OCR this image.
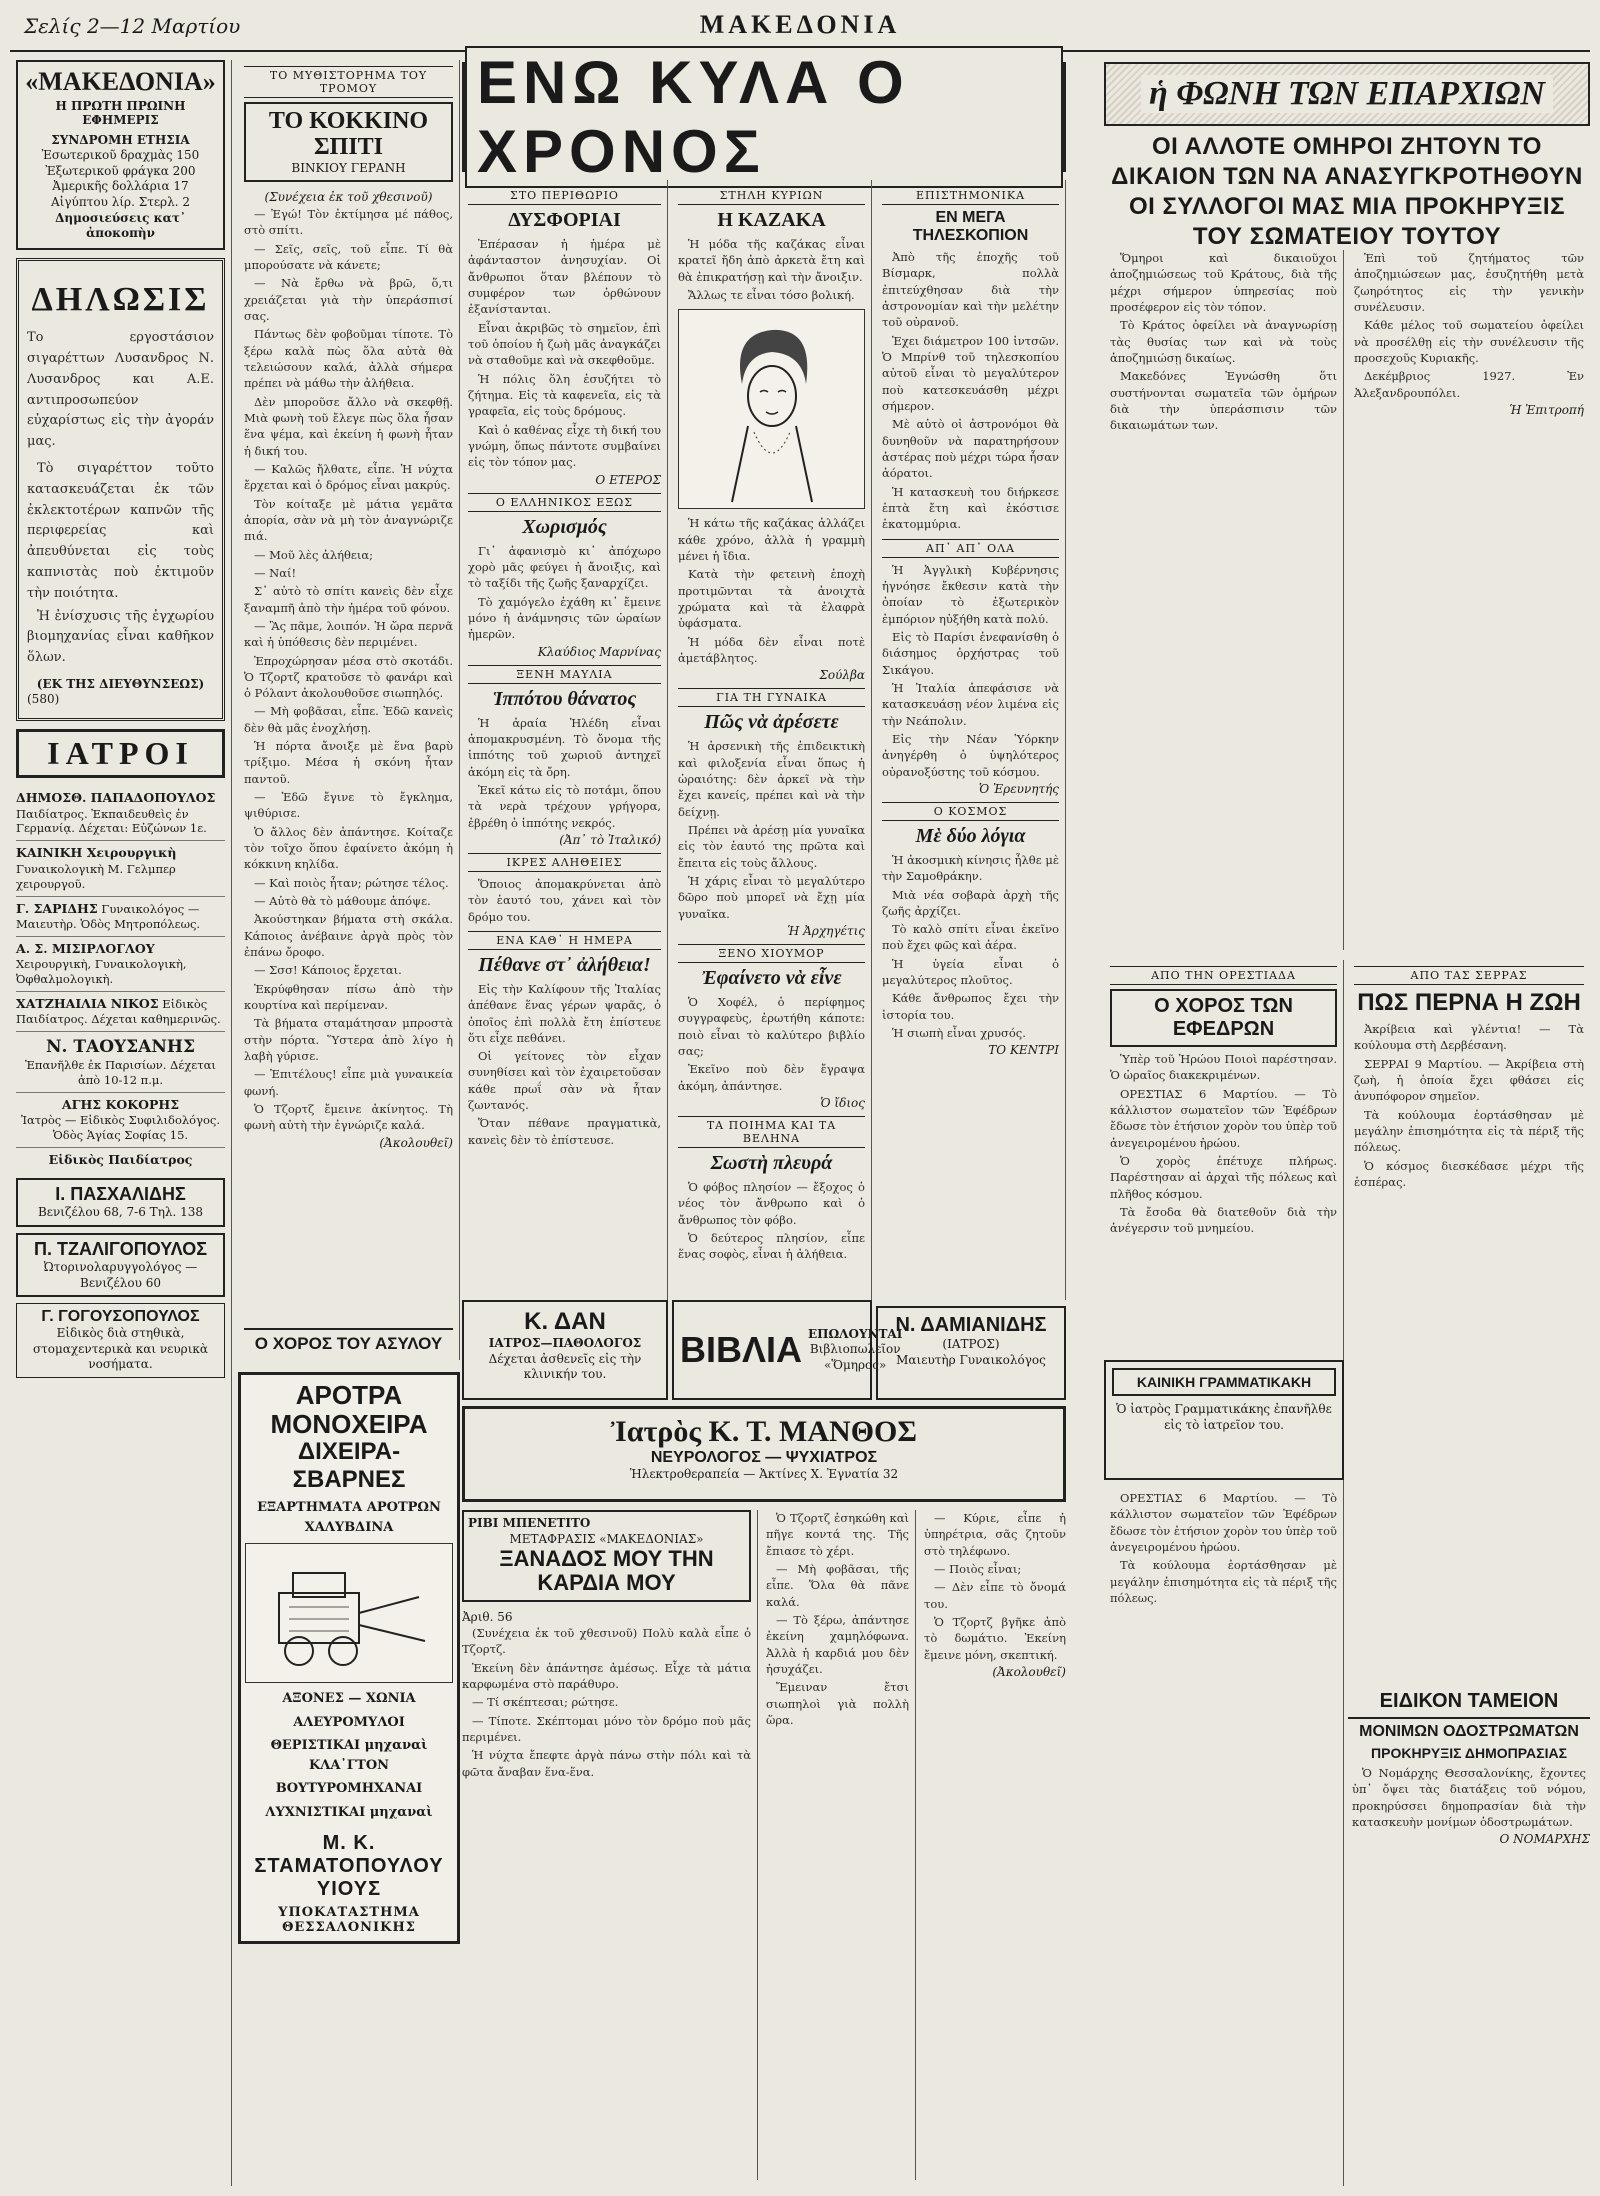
Σελίς 2—12 Μαρτίου	ΜΑΚΕΔΟΝΙΑ
«ΜΑΚΕΔΟΝΙΑ»
Η ΠΡΩΤΗ ΠΡΩΙΝΗ ΕΦΗΜΕΡΙΣ
ΣΥΝΔΡΟΜΗ ΕΤΗΣΙΑ
Ἐσωτερικοῦ δραχμὰς 150
Ἐξωτερικοῦ φράγκα 200
Ἀμερικῆς δολλάρια 17
Αἰγύπτου λίρ. Στερλ. 2
Δημοσιεύσεις κατ᾽ ἀποκοπὴν
ΔΗΛΩΣΙΣ
Το εργοστάσιον σιγαρέττων Λυσανδρος Ν. Λυσανδρος και Α.Ε. αντιπροσωπεύον εὐχαρίστως εἰς τὴν ἀγοράν μας.

Τὸ σιγαρέττον τοῦτο κατασκευάζεται ἐκ τῶν ἐκλεκτοτέρων καπνῶν τῆς περιφερείας καὶ ἀπευθύνεται εἰς τοὺς καπνιστὰς ποὺ ἐκτιμοῦν τὴν ποιότητα.

Ἡ ἐνίσχυσις τῆς ἐγχωρίου βιομηχανίας εἶναι καθῆκον ὅλων.

(ΕΚ ΤΗΣ ΔΙΕΥΘΥΝΣΕΩΣ)
(580)
ΙΑΤΡΟΙ
ΔΗΜΟΣΘ. ΠΑΠΑΔΟΠΟΥΛΟΣ Παιδίατρος. Ἐκπαιδευθεὶς ἐν Γερμανίᾳ. Δέχεται: Εὐζώνων 1ε.
ΚΑΙΝΙΚΗ Χειρουργικὴ Γυναικολογικὴ Μ. Γελμπερ χειρουργοῦ.
Γ. ΣΑΡΙΔΗΣ Γυναικολόγος — Μαιευτὴρ. Ὁδὸς Μητροπόλεως.
Α. Σ. ΜΙΣΙΡΛΟΓΛΟΥ Χειρουργικὴ, Γυναικολογικὴ, Ὀφθαλμολογικὴ.
ΧΑΤΖΗΑΙΛΙΑ ΝΙΚΟΣ Εἰδικὸς Παιδίατρος. Δέχεται καθημερινῶς.
Ν. ΤΑΟΥΣΑΝΗΣ
Ἐπανῆλθε ἐκ Παρισίων. Δέχεται ἀπὸ 10-12 π.μ.
ΑΓΗΣ ΚΟΚΟΡΗΣ
Ἰατρὸς — Εἰδικὸς Συφιλιδολόγος. Ὁδὸς Ἁγίας Σοφίας 15.
Εἰδικὸς Παιδίατρος
Ι. ΠΑΣΧΑΛΙΔΗΣ
Βενιζέλου 68, 7-6 Τηλ. 138
Π. ΤΖΑΛΙΓΟΠΟΥΛΟΣ
Ὠτορινολαρυγγολόγος — Βενιζέλου 60
Γ. ΓΟΓΟΥΣΟΠΟΥΛΟΣ
Εἰδικὸς διὰ στηθικὰ, στομαχεντερικὰ και νευρικὰ νοσήματα.
ΤΟ ΜΥΘΙΣΤΟΡΗΜΑ ΤΟΥ ΤΡΟΜΟΥ
ΤΟ ΚΟΚΚΙΝΟ ΣΠΙΤΙ
ΒΙΝΚΙΟΥ ΓΕΡΑΝΗ
(Συνέχεια ἐκ τοῦ χθεσινοῦ)

— Ἐγώ! Τὸν ἐκτίμησα μέ πάθος, στὸ σπίτι.

— Σεῖς, σεῖς, τοῦ εἶπε. Τί θὰ μπορούσατε νὰ κάνετε;

— Νὰ ἔρθω νὰ βρῶ, ὅ,τι χρειάζεται γιὰ τὴν ὑπεράσπισί σας.

Πάντως δὲν φοβοῦμαι τίποτε. Τὸ ξέρω καλὰ πὼς ὅλα αὐτὰ θὰ τελειώσουν καλά, ἀλλὰ σήμερα πρέπει νὰ μάθω τὴν ἀλήθεια.

Δὲν μποροῦσε ἄλλο νὰ σκεφθῇ. Μιὰ φωνὴ τοῦ ἔλεγε πὼς ὅλα ἦσαν ἕνα ψέμα, καὶ ἐκείνη ἡ φωνὴ ἦταν ἡ δική του.

— Καλῶς ἤλθατε, εἶπε. Ἡ νύχτα ἔρχεται καὶ ὁ δρόμος εἶναι μακρύς.

Τὸν κοίταξε μὲ μάτια γεμᾶτα ἀπορία, σὰν νὰ μὴ τὸν ἀναγνώριζε πιά.

— Μοῦ λὲς ἀλήθεια;

— Ναί!

Σ᾽ αὐτὸ τὸ σπίτι κανεὶς δὲν εἶχε ξαναμπῆ ἀπὸ τὴν ἡμέρα τοῦ φόνου.

— Ἂς πᾶμε, λοιπόν. Ἡ ὥρα περνᾶ καὶ ἡ ὑπόθεσις δὲν περιμένει.

Ἐπροχώρησαν μέσα στὸ σκοτάδι. Ὁ Τζορτζ κρατοῦσε τὸ φανάρι καὶ ὁ Ρόλαντ ἀκολουθοῦσε σιωπηλός.

— Μὴ φοβᾶσαι, εἶπε. Ἐδῶ κανεὶς δὲν θὰ μᾶς ἐνοχλήσῃ.

Ἡ πόρτα ἄνοιξε μὲ ἕνα βαρὺ τρίξιμο. Μέσα ἡ σκόνη ἦταν παντοῦ.

— Ἐδῶ ἔγινε τὸ ἔγκλημα, ψιθύρισε.

Ὁ ἄλλος δὲν ἀπάντησε. Κοίταζε τὸν τοῖχο ὅπου ἐφαίνετο ἀκόμη ἡ κόκκινη κηλίδα.

— Καὶ ποιὸς ἦταν; ρώτησε τέλος.

— Αὐτὸ θὰ τὸ μάθουμε ἀπόψε.

Ἀκούστηκαν βήματα στὴ σκάλα. Κάποιος ἀνέβαινε ἀργὰ πρὸς τὸν ἐπάνω ὄροφο.

— Σσσ! Κάποιος ἔρχεται.

Ἐκρύφθησαν πίσω ἀπὸ τὴν κουρτίνα καὶ περίμεναν.

Τὰ βήματα σταμάτησαν μπροστὰ στὴν πόρτα. Ὕστερα ἀπὸ λίγο ἡ λαβὴ γύρισε.

— Ἐπιτέλους! εἶπε μιὰ γυναικεία φωνή.

Ὁ Τζορτζ ἔμεινε ἀκίνητος. Τὴ φωνὴ αὐτὴ τὴν ἐγνώριζε καλά.

(Ἀκολουθεῖ)
Ο ΧΟΡΟΣ ΤΟΥ ΑΣΥΛΟΥ
ΑΡΟΤΡΑ ΜΟΝΟΧΕΙΡΑ
ΔΙΧΕΙΡΑ-ΣΒΑΡΝΕΣ
ΕΞΑΡΤΗΜΑΤΑ ΑΡΟΤΡΩΝ ΧΑΛΥΒΔΙΝΑ
ΑΞΟΝΕΣ — ΧΩΝΙΑ
ΑΛΕΥΡΟΜΥΛΟΙ
ΘΕΡΙΣΤΙΚΑΙ μηχαναὶ ΚΛΑ᾽ΓΤΟΝ
ΒΟΥΤΥΡΟΜΗΧΑΝΑΙ
ΛΥΧΝΙΣΤΙΚΑΙ μηχαναὶ
Μ. Κ. ΣΤΑΜΑΤΟΠΟΥΛΟΥ ΥΙΟΥΣ
ΥΠΟΚΑΤΑΣΤΗΜΑ ΘΕΣΣΑΛΟΝΙΚΗΣ
ΕΝΩ ΚΥΛΑ Ο ΧΡΟΝΟΣ
ΣΤΟ ΠΕΡΙΘΩΡΙΟ
ΔΥΣΦΟΡΙΑΙ

Ἐπέρασαν ἡ ἡμέρα μὲ ἀφάνταστον ἀνησυχίαν. Οἱ ἄνθρωποι ὅταν βλέπουν τὸ συμφέρον των ὀρθώνουν ἐξανίστανται.

Εἶναι ἀκριβῶς τὸ σημεῖον, ἐπὶ τοῦ ὁποίου ἡ ζωὴ μᾶς ἀναγκάζει νὰ σταθοῦμε καὶ νὰ σκεφθοῦμε.

Ἡ πόλις ὅλη ἐσυζήτει τὸ ζήτημα. Εἰς τὰ καφενεῖα, εἰς τὰ γραφεῖα, εἰς τοὺς δρόμους.

Καὶ ὁ καθένας εἶχε τὴ δική του γνώμη, ὅπως πάντοτε συμβαίνει εἰς τὸν τόπον μας.

Ο ΕΤΕΡΟΣ
Ο ΕΛΛΗΝΙΚΟΣ ΕΞΩΣ
Χωρισμός

Γι᾽ ἀφανισμὸ κι᾽ ἀπόχωρο χορὸ μᾶς φεύγει ἡ ἄνοιξις, καὶ τὸ ταξίδι τῆς ζωῆς ξαναρχίζει.

Τὸ χαμόγελο ἐχάθη κι᾽ ἔμεινε μόνο ἡ ἀνάμνησις τῶν ὡραίων ἡμερῶν.

Κλαύδιος Μαρνίνας
ΞΕΝΗ ΜΑΥΛΙΑ
Ἱππότου θάνατος

Ἡ ἀραία Ἡλέδη εἶναι ἀπομακρυσμένη. Τὸ ὄνομα τῆς ἱππότης τοῦ χωριοῦ ἀντηχεῖ ἀκόμη εἰς τὰ ὄρη.

Ἐκεῖ κάτω εἰς τὸ ποτάμι, ὅπου τὰ νερὰ τρέχουν γρήγορα, ἐβρέθη ὁ ἱππότης νεκρός.

(Ἀπ᾽ τὸ Ἰταλικό)
ΙΚΡΕΣ ΑΛΗΘΕΙΕΣ

Ὅποιος ἀπομακρύνεται ἀπὸ τὸν ἑαυτό του, χάνει καὶ τὸν δρόμο του.

ΕΝΑ ΚΑΘ᾽ Η ΗΜΕΡΑ
Πέθανε στ᾽ ἀλήθεια!

Εἰς τὴν Καλίφουν τῆς Ἰταλίας ἀπέθανε ἕνας γέρων ψαρᾶς, ὁ ὁποῖος ἐπὶ πολλὰ ἔτη ἐπίστευε ὅτι εἶχε πεθάνει.

Οἱ γείτονες τὸν εἶχαν συνηθίσει καὶ τὸν ἐχαιρετοῦσαν κάθε πρωΐ σὰν νὰ ἦταν ζωντανός.

Ὅταν πέθανε πραγματικὰ, κανεὶς δὲν τὸ ἐπίστευσε.

ΣΤΗΛΗ ΚΥΡΙΩΝ
Η ΚΑΖΑΚΑ

Ἡ μόδα τῆς καζάκας εἶναι κρατεῖ ἤδη ἀπὸ ἀρκετὰ ἔτη καὶ θὰ ἐπικρατήσῃ καὶ τὴν ἄνοιξιν.

Ἄλλως τε εἶναι τόσο βολική.

Ἡ κάτω τῆς καζάκας ἀλλάζει κάθε χρόνο, ἀλλὰ ἡ γραμμὴ μένει ἡ ἴδια.

Κατὰ τὴν φετεινὴ ἐποχὴ προτιμῶνται τὰ ἀνοιχτὰ χρώματα καὶ τὰ ἐλαφρὰ ὑφάσματα.

Ἡ μόδα δὲν εἶναι ποτὲ ἀμετάβλητος.

Σούλβα
ΓΙΑ ΤΗ ΓΥΝΑΙΚΑ
Πῶς νὰ ἀρέσετε

Ἡ ἀρσενικὴ τῆς ἐπιδεικτικὴ καὶ φιλοξενία εἶναι ὅπως ἡ ὡραιότης: δὲν ἀρκεῖ νὰ τὴν ἔχει κανείς, πρέπει καὶ νὰ τὴν δείχνῃ.

Πρέπει νὰ ἀρέσῃ μία γυναῖκα εἰς τὸν ἑαυτό της πρῶτα καὶ ἔπειτα εἰς τοὺς ἄλλους.

Ἡ χάρις εἶναι τὸ μεγαλύτερο δῶρο ποὺ μπορεῖ νὰ ἔχῃ μία γυναῖκα.

Ἡ Ἀρχηγέτις
ΞΕΝΟ ΧΙΟΥΜΟΡ
Ἐφαίνετο νὰ εἶνε

Ὁ Χοφέλ, ὁ περίφημος συγγραφεὺς, ἐρωτήθη κάποτε: ποιὸ εἶναι τὸ καλύτερο βιβλίο σας;

Ἐκεῖνο ποὺ δὲν ἔγραψα ἀκόμη, ἀπάντησε.

Ὁ ἴδιος
ΤΑ ΠΟΙΗΜΑ ΚΑΙ ΤΑ ΒΕΛΗΝΑ
Σωστὴ πλευρά

Ὁ φόβος πλησίον — ἔξοχος ὁ νέος τὸν ἄνθρωπο καὶ ὁ ἄνθρωπος τὸν φόβο.

Ὁ δεύτερος πλησίον, εἶπε ἕνας σοφὸς, εἶναι ἡ ἀλήθεια.

ΕΠΙΣΤΗΜΟΝΙΚΑ
ΕΝ ΜΕΓΑ ΤΗΛΕΣΚΟΠΙΟΝ

Ἀπὸ τῆς ἐποχῆς τοῦ Βίσμαρκ, πολλὰ ἐπιτεύχθησαν διὰ τὴν ἀστρονομίαν καὶ τὴν μελέτην τοῦ οὐρανοῦ.

Ἐχει διάμετρον 100 ἰντσῶν. Ὁ Μπρίνθ τοῦ τηλεσκοπίου αὐτοῦ εἶναι τὸ μεγαλύτερον ποὺ κατεσκευάσθη μέχρι σήμερον.

Μὲ αὐτὸ οἱ ἀστρονόμοι θὰ δυνηθοῦν νὰ παρατηρήσουν ἀστέρας ποὺ μέχρι τώρα ἦσαν ἀόρατοι.

Ἡ κατασκευὴ του διήρκεσε ἑπτὰ ἔτη καὶ ἐκόστισε ἑκατομμύρια.

ΑΠ᾽ ΑΠ᾽ ΟΛΑ

Ἡ Ἀγγλικὴ Κυβέρνησις ἠγνόησε ἔκθεσιν κατὰ τὴν ὁποίαν τὸ ἐξωτερικὸν ἐμπόριον ηὐξήθη κατὰ πολύ.

Εἰς τὸ Παρίσι ἐνεφανίσθη ὁ διάσημος ὀρχήστρας τοῦ Σικάγου.

Ἡ Ἰταλία ἀπεφάσισε νὰ κατασκευάσῃ νέον λιμένα εἰς τὴν Νεάπολιν.

Εἰς τὴν Νέαν Ὑόρκην ἀνηγέρθη ὁ ὑψηλότερος οὐρανοξύστης τοῦ κόσμου.

Ὁ Ἐρευνητής
Ο ΚΟΣΜΟΣ
Μὲ δύο λόγια

Ἡ ἀκοσμικὴ κίνησις ἦλθε μὲ τὴν Σαμοθράκην.

Μιὰ νέα σοβαρὰ ἀρχὴ τῆς ζωῆς ἀρχίζει.

Τὸ καλὸ σπίτι εἶναι ἐκεῖνο ποὺ ἔχει φῶς καὶ ἀέρα.

Ἡ ὑγεία εἶναι ὁ μεγαλύτερος πλοῦτος.

Κάθε ἄνθρωπος ἔχει τὴν ἱστορία του.

Ἡ σιωπὴ εἶναι χρυσός.

ΤΟ ΚΕΝΤΡΙ
Κ. ΔΑΝ
ΙΑΤΡΟΣ—ΠΑΘΟΛΟΓΟΣ
Δέχεται ἀσθενεῖς εἰς τὴν κλινικήν του.
ΒΙΒΛΙΑ ΕΠΩΛΟΥΝΤΑΙ
Βιβλιοπωλεῖον «Ὅμηρος»
Ἰατρὸς Κ. Τ. ΜΑΝΘΟΣ
ΝΕΥΡΟΛΟΓΟΣ — ΨΥΧΙΑΤΡΟΣ
Ἡλεκτροθεραπεία — Ἀκτίνες Χ. Ἐγνατία 32
Ν. ΔΑΜΙΑΝΙΔΗΣ
(ΙΑΤΡΟΣ)
Μαιευτὴρ Γυναικολόγος
ΡΙΒΙ ΜΠΕΝΕΤΙΤΟ
ΜΕΤΑΦΡΑΣΙΣ «ΜΑΚΕΔΟΝΙΑΣ»
ΞΑΝΑΔΟΣ ΜΟΥ ΤΗΝ ΚΑΡΔΙΑ ΜΟΥ
Ἀριθ. 56

(Συνέχεια ἐκ τοῦ χθεσινοῦ) Πολὺ καλὰ εἶπε ὁ Τζορτζ.

Ἐκείνη δὲν ἀπάντησε ἀμέσως. Εἶχε τὰ μάτια καρφωμένα στὸ παράθυρο.

— Τί σκέπτεσαι; ρώτησε.

— Τίποτε. Σκέπτομαι μόνο τὸν δρόμο ποὺ μᾶς περιμένει.

Ἡ νύχτα ἔπεφτε ἀργὰ πάνω στὴν πόλι καὶ τὰ φῶτα ἄναβαν ἕνα-ἕνα.

Ὁ Τζορτζ ἐσηκώθη καὶ πῆγε κοντά της. Τῆς ἔπιασε τὸ χέρι.

— Μὴ φοβᾶσαι, τῆς εἶπε. Ὅλα θὰ πᾶνε καλά.

— Τὸ ξέρω, ἀπάντησε ἐκείνη χαμηλόφωνα. Ἀλλὰ ἡ καρδιά μου δὲν ἡσυχάζει.

Ἔμειναν ἔτσι σιωπηλοὶ γιὰ πολλὴ ὥρα.

— Κύριε, εἶπε ἡ ὑπηρέτρια, σᾶς ζητοῦν στὸ τηλέφωνο.

— Ποιὸς εἶναι;

— Δὲν εἶπε τὸ ὄνομά του.

Ὁ Τζορτζ βγῆκε ἀπὸ τὸ δωμάτιο. Ἐκείνη ἔμεινε μόνη, σκεπτική.

(Ἀκολουθεῖ)
ἡ ΦΩΝΗ ΤΩΝ ΕΠΑΡΧΙΩΝ
ΟΙ ΑΛΛΟΤΕ ΟΜΗΡΟΙ ΖΗΤΟΥΝ ΤΟ ΔΙΚΑΙΟΝ ΤΩΝ ΝΑ ΑΝΑΣΥΓΚΡΟΤΗΘΟΥΝ ΟΙ ΣΥΛΛΟΓΟΙ ΜΑΣ ΜΙΑ ΠΡΟΚΗΡΥΞΙΣ ΤΟΥ ΣΩΜΑΤΕΙΟΥ ΤΟΥΤΟΥ

Ὅμηροι καὶ δικαιοῦχοι ἀποζημιώσεως τοῦ Κράτους, διὰ τῆς μέχρι σήμερον ὑπηρεσίας ποὺ προσέφερον εἰς τὸν τόπον.

Τὸ Κράτος ὀφείλει νὰ ἀναγνωρίσῃ τὰς θυσίας των καὶ νὰ τοὺς ἀποζημιώσῃ δικαίως.

Μακεδόνες Ἐγνώσθη ὅτι συστήνονται σωματεῖα τῶν ὁμήρων διὰ τὴν ὑπεράσπισιν τῶν δικαιωμάτων των.

Ἐπὶ τοῦ ζητήματος τῶν ἀποζημιώσεων μας, ἐσυζητήθη μετὰ ζωηρότητος εἰς τὴν γενικὴν συνέλευσιν.

Κάθε μέλος τοῦ σωματείου ὀφείλει νὰ προσέλθῃ εἰς τὴν συνέλευσιν τῆς προσεχοῦς Κυριακῆς.

Δεκέμβριος 1927. Ἐν Ἀλεξανδρουπόλει.

Ἡ Ἐπιτροπή
ΑΠΟ ΤΗΝ ΟΡΕΣΤΙΑΔΑ
Ο ΧΟΡΟΣ ΤΩΝ ΕΦΕΔΡΩΝ

Ὑπὲρ τοῦ Ἡρώου Ποιοὶ παρέστησαν. Ὁ ὡραῖος διακεκριμένων.

ΟΡΕΣΤΙΑΣ 6 Μαρτίου. — Τὸ κάλλιστον σωματεῖον τῶν Ἐφέδρων ἔδωσε τὸν ἐτήσιον χορὸν του ὑπὲρ τοῦ ἀνεγειρομένου ἡρώου.

Ὁ χορὸς ἐπέτυχε πλήρως. Παρέστησαν αἱ ἀρχαὶ τῆς πόλεως καὶ πλῆθος κόσμου.

Τὰ ἔσοδα θὰ διατεθοῦν διὰ τὴν ἀνέγερσιν τοῦ μνημείου.

ΑΠΟ ΤΑΣ ΣΕΡΡΑΣ
ΠΩΣ ΠΕΡΝΑ Η ΖΩΗ

Ἀκρίβεια καὶ γλέντια! — Τὰ κούλουμα στὴ Δερβέσανη.

ΣΕΡΡΑΙ 9 Μαρτίου. — Ἀκρίβεια στὴ ζωὴ, ἡ ὁποία ἔχει φθάσει εἰς ἀνυπόφορον σημεῖον.

Τὰ κούλουμα ἐορτάσθησαν μὲ μεγάλην ἐπισημότητα εἰς τὰ πέριξ τῆς πόλεως.

Ὁ κόσμος διεσκέδασε μέχρι τῆς ἑσπέρας.

ΚΑΙΝΙΚΗ ΓΡΑΜΜΑΤΙΚΑΚΗ
Ὁ ἰατρὸς Γραμματικάκης ἐπανῆλθε εἰς τὸ ἰατρεῖον του.
ΕΙΔΙΚΟΝ ΤΑΜΕΙΟΝ
ΜΟΝΙΜΩΝ ΟΔΟΣΤΡΩΜΑΤΩΝ
ΠΡΟΚΗΡΥΞΙΣ ΔΗΜΟΠΡΑΣΙΑΣ

Ὁ Νομάρχης Θεσσαλονίκης, ἔχοντες ὑπ᾽ ὄψει τὰς διατάξεις τοῦ νόμου, προκηρύσσει δημοπρασίαν διὰ τὴν κατασκευὴν μονίμων ὁδοστρωμάτων.

Ο ΝΟΜΑΡΧΗΣ

ΟΡΕΣΤΙΑΣ 6 Μαρτίου. — Τὸ κάλλιστον σωματεῖον τῶν Ἐφέδρων ἔδωσε τὸν ἐτήσιον χορὸν του ὑπὲρ τοῦ ἀνεγειρομένου ἡρώου.

Τὰ κούλουμα ἐορτάσθησαν μὲ μεγάλην ἐπισημότητα εἰς τὰ πέριξ τῆς πόλεως.
